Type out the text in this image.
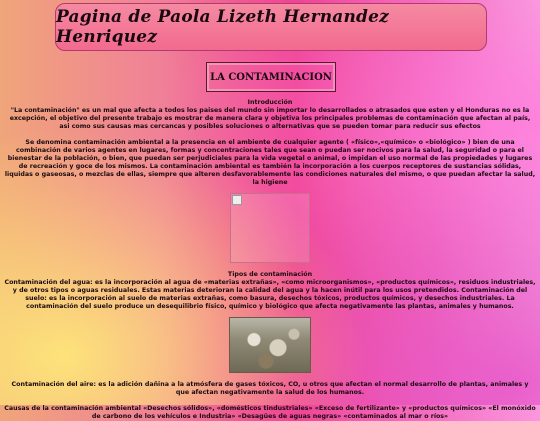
Pagina de Paola Lizeth Hernandez Henriquez
LA CONTAMINACION

Introducción

"La contaminación" es un mal que afecta a todos los paises del mundo sin importar lo desarrollados o atrasados que esten y el Honduras no es la excepción, el objetivo del presente trabajo es mostrar de manera clara y objetiva los principales problemas de contaminación que afectan al país, asi como sus causas mas cercancas y posibles soluciones o alternativas que se pueden tomar para reducir sus efectos

Se denomina contaminación ambiental a la presencia en el ambiente de cualquier agente ( «físico»,«químico» o «biológico» ) bien de una combinación de varios agentes en lugares, formas y concentraciones tales que sean o puedan ser nocivos para la salud, la seguridad o para el bienestar de la población, o bien, que puedan ser perjudiciales para la vida vegetal o animal, o impidan el uso normal de las propiedades y lugares de recreación y goce de los mismos. La contaminación ambiental es también la incorporación a los cuerpos receptores de sustancias sólidas, liquidas o gaseosas, o mezclas de ellas, siempre que alteren desfavorablemente las condiciones naturales del mismo, o que puedan afectar la salud, la higiene

Tipos de contaminación

Contaminación del agua: es la incorporación al agua de «materias extrañas», «como microorganismos», «productos químicos», residuos industriales, y de otros tipos o aguas residuales. Estas materias deterioran la calidad del agua y la hacen inútil para los usos pretendidos. Contaminación del suelo: es la incorporación al suelo de materias extrañas, como basura, desechos tóxicos, productos químicos, y desechos industriales. La contaminación del suelo produce un desequilibrio físico, químico y biológico que afecta negativamente las plantas, animales y humanos.

Contaminación del aire: es la adición dañina a la atmósfera de gases tóxicos, CO, u otros que afectan el normal desarrollo de plantas, animales y que afectan negativamente la salud de los humanos.

Causas de la contaminación ambiental «Desechos sólidos», «domésticos tindustriales» «Exceso de fertilizante» y «productos químicos» «El monóxido de carbono de los vehículos e Industria» «Desagües de aguas negras» «contaminados al mar o ríos»
